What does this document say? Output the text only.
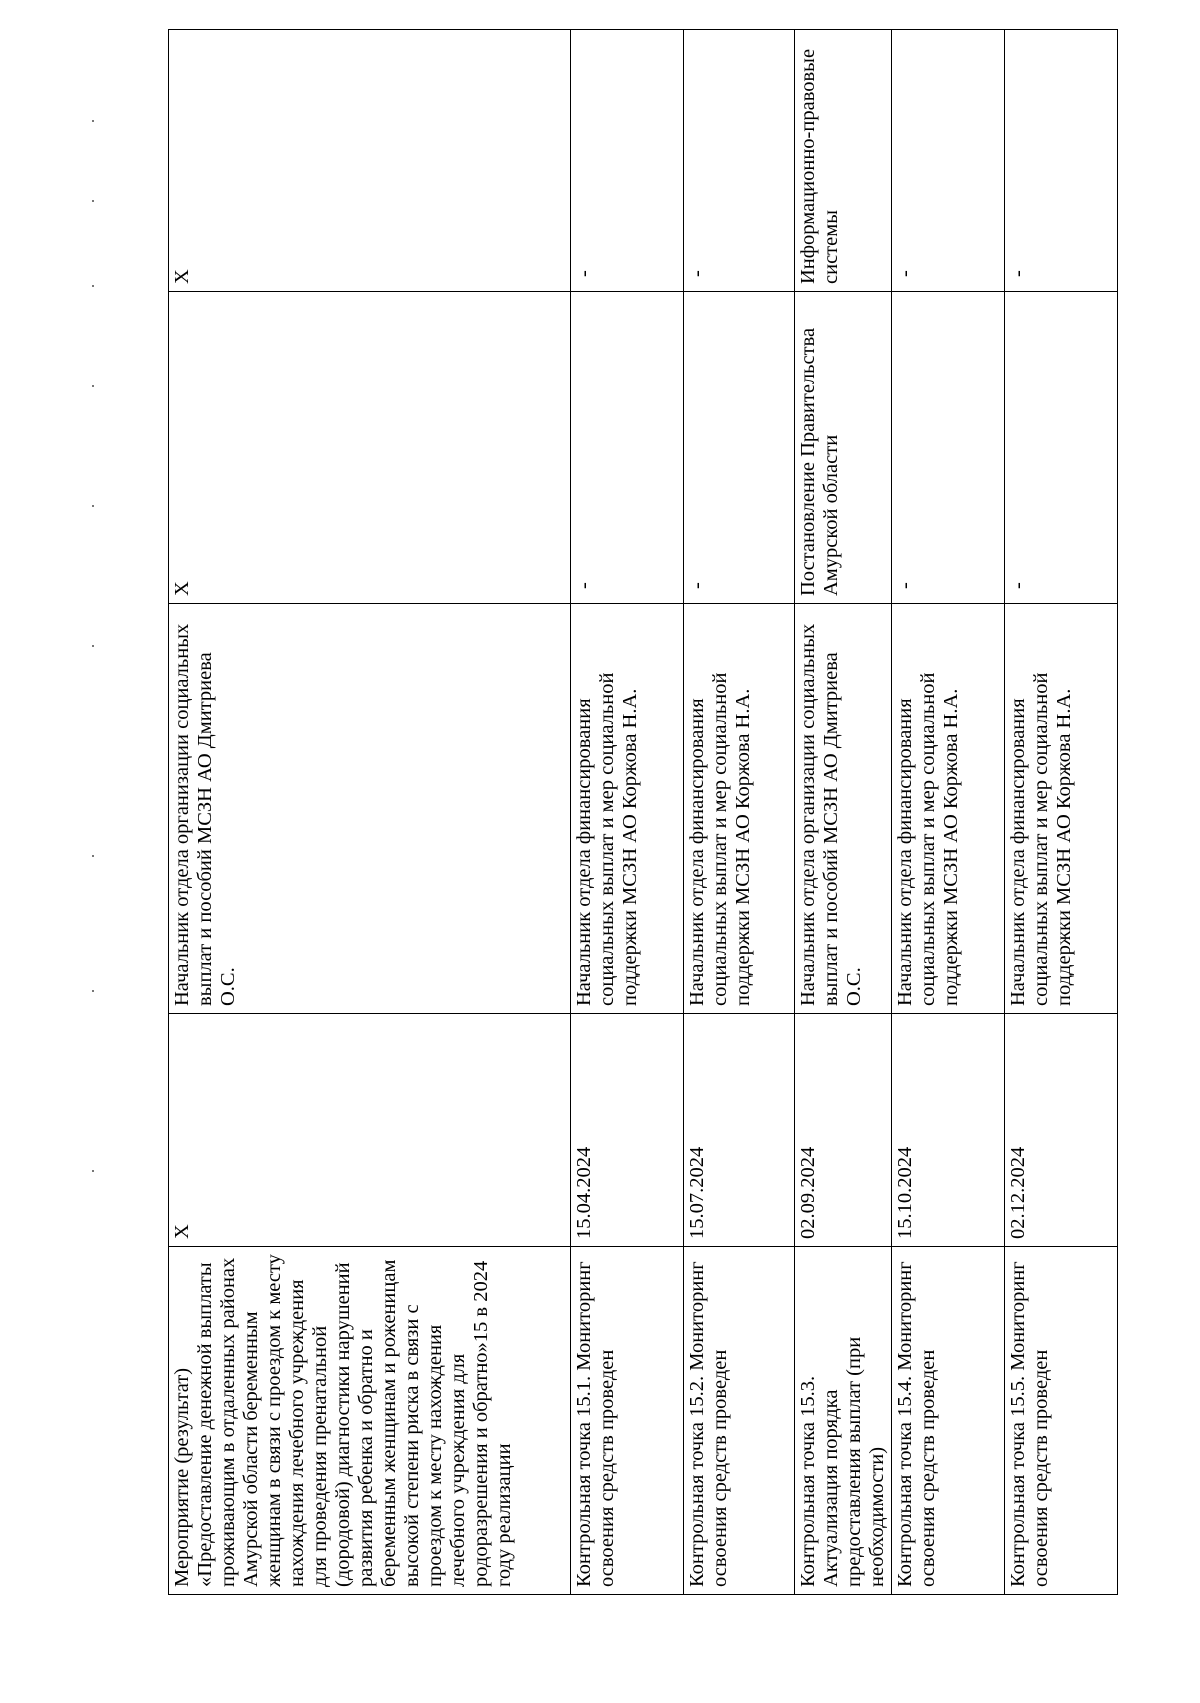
Мероприятие (результат) «Предоставление денежной выплаты проживающим в отдаленных районах Амурской области беременным женщинам в связи с проездом к месту нахождения лечебного учреждения для проведения пренатальной (дородовой) диагностики нарушений развития ребенка и обратно и беременным женщинам и роженицам высокой степени риска в связи с проездом к месту нахождения лечебного учреждения для родоразрешения и обратно»15 в 2024 году реализации	X	Начальник отдела организации социальных выплат и пособий МСЗН АО Дмитриева О.С.	X	X
Контрольная точка 15.1. Мониторинг освоения средств проведен	15.04.2024	Начальник отдела финансирования социальных выплат и мер социальной поддержки МСЗН АО Коржова Н.А.	-	-
Контрольная точка 15.2. Мониторинг освоения средств проведен	15.07.2024	Начальник отдела финансирования социальных выплат и мер социальной поддержки МСЗН АО Коржова Н.А.	-	-
Контрольная точка 15.3. Актуализация порядка предоставления выплат (при необходимости)	02.09.2024	Начальник отдела организации социальных выплат и пособий МСЗН АО Дмитриева О.С.	Постановление Правительства Амурской области	Информационно-правовые системы
Контрольная точка 15.4. Мониторинг освоения средств проведен	15.10.2024	Начальник отдела финансирования социальных выплат и мер социальной поддержки МСЗН АО Коржова Н.А.	-	-
Контрольная точка 15.5. Мониторинг освоения средств проведен	02.12.2024	Начальник отдела финансирования социальных выплат и мер социальной поддержки МСЗН АО Коржова Н.А.	-	-
